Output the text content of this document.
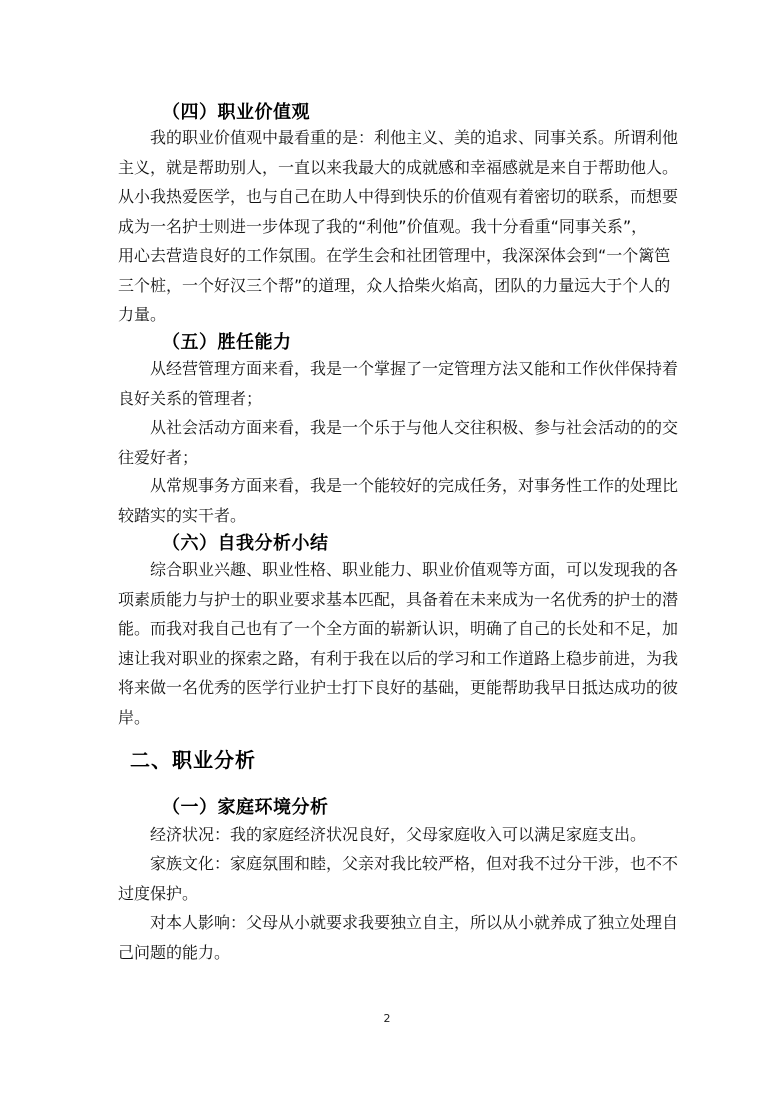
（四）职业价值观
我的职业价值观中最看重的是：利他主义、美的追求、同事关系。所谓利他
主义，就是帮助别人，一直以来我最大的成就感和幸福感就是来自于帮助他人。
从小我热爱医学，也与自己在助人中得到快乐的价值观有着密切的联系，而想要
成为一名护士则进一步体现了我的“利他”价值观。我十分看重“同事关系”，
用心去营造良好的工作氛围。在学生会和社团管理中，我深深体会到“一个篱笆
三个桩，一个好汉三个帮”的道理，众人拾柴火焰高，团队的力量远大于个人的
力量。
（五）胜任能力
从经营管理方面来看，我是一个掌握了一定管理方法又能和工作伙伴保持着
良好关系的管理者；
从社会活动方面来看，我是一个乐于与他人交往积极、参与社会活动的的交
往爱好者；
从常规事务方面来看，我是一个能较好的完成任务，对事务性工作的处理比
较踏实的实干者。
（六）自我分析小结
综合职业兴趣、职业性格、职业能力、职业价值观等方面，可以发现我的各
项素质能力与护士的职业要求基本匹配，具备着在未来成为一名优秀的护士的潜
能。而我对我自己也有了一个全方面的崭新认识，明确了自己的长处和不足，加
速让我对职业的探索之路，有利于我在以后的学习和工作道路上稳步前进，为我
将来做一名优秀的医学行业护士打下良好的基础，更能帮助我早日抵达成功的彼
岸。
二、职业分析
（一）家庭环境分析
经济状况：我的家庭经济状况良好，父母家庭收入可以满足家庭支出。
家族文化：家庭氛围和睦，父亲对我比较严格，但对我不过分干涉，也不不
过度保护。
对本人影响：父母从小就要求我要独立自主，所以从小就养成了独立处理自
己问题的能力。
2
